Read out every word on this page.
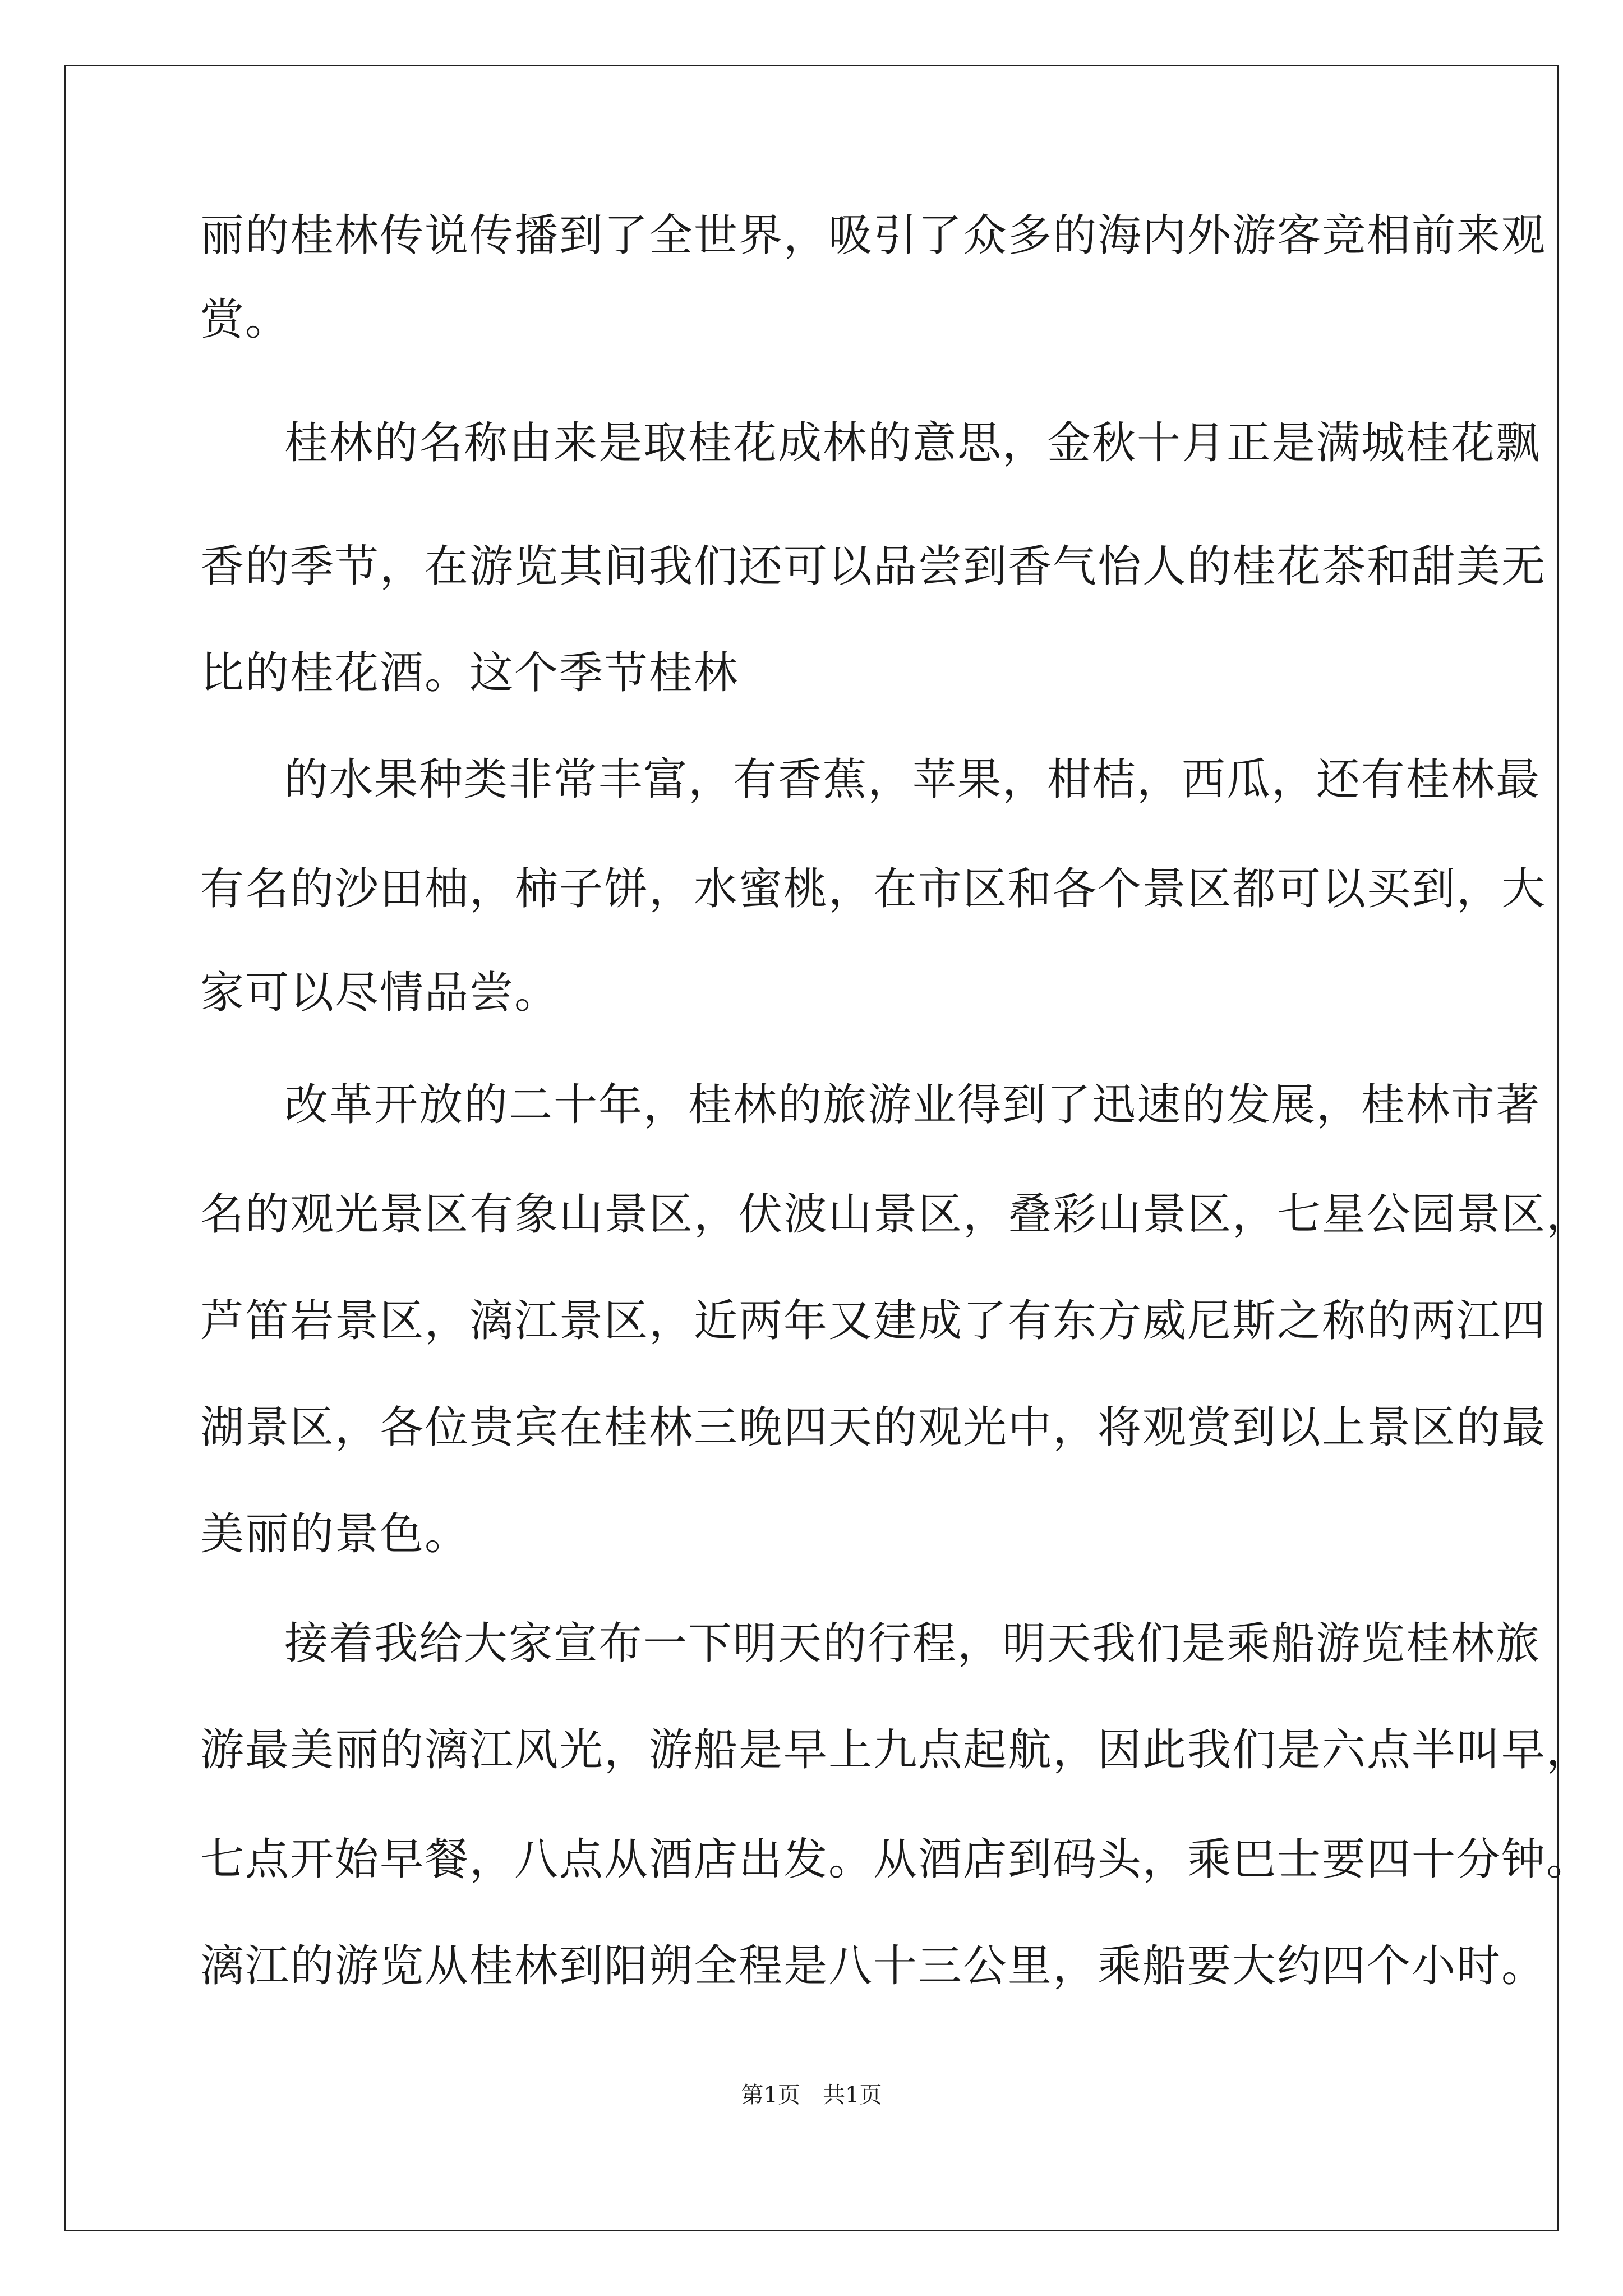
丽的桂林传说传播到了全世界，吸引了众多的海内外游客竞相前来观
赏。
桂林的名称由来是取桂花成林的意思，金秋十月正是满城桂花飘
香的季节，在游览其间我们还可以品尝到香气怡人的桂花茶和甜美无
比的桂花酒。这个季节桂林
的水果种类非常丰富，有香蕉，苹果，柑桔，西瓜，还有桂林最
有名的沙田柚，柿子饼，水蜜桃，在市区和各个景区都可以买到，大
家可以尽情品尝。
改革开放的二十年，桂林的旅游业得到了迅速的发展，桂林市著
名的观光景区有象山景区，伏波山景区，叠彩山景区，七星公园景区，
芦笛岩景区，漓江景区，近两年又建成了有东方威尼斯之称的两江四
湖景区，各位贵宾在桂林三晚四天的观光中，将观赏到以上景区的最
美丽的景色。
接着我给大家宣布一下明天的行程，明天我们是乘船游览桂林旅
游最美丽的漓江风光，游船是早上九点起航，因此我们是六点半叫早，
七点开始早餐，八点从酒店出发。从酒店到码头，乘巴士要四十分钟。
漓江的游览从桂林到阳朔全程是八十三公里，乘船要大约四个小时。
第1页 共1页
